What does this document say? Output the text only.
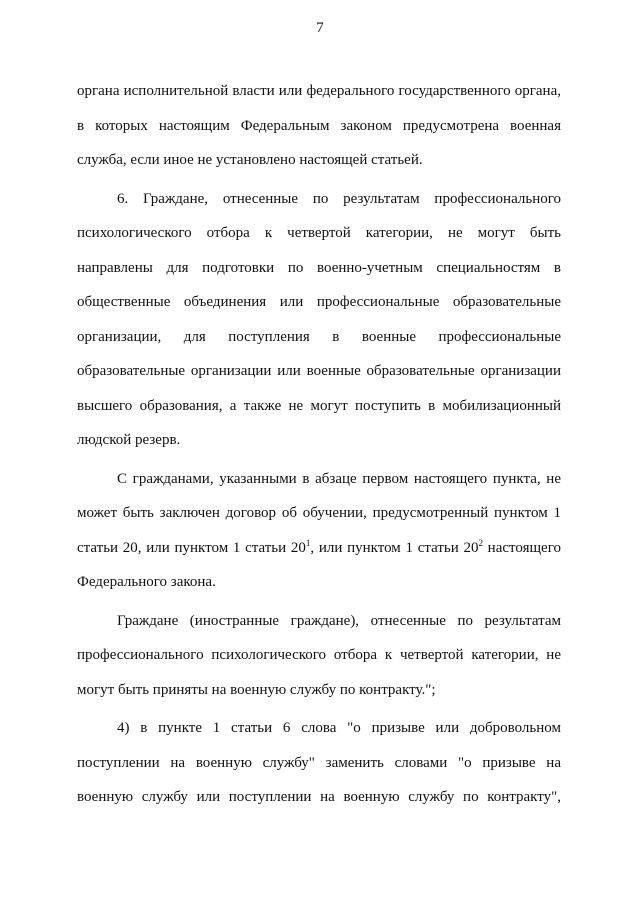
7
органа исполнительной власти или федерального государственного органа,
в которых настоящим Федеральным законом предусмотрена военная
служба, если иное не установлено настоящей статьей.
6. Граждане, отнесенные по результатам профессионального
психологического отбора к четвертой категории, не могут быть
направлены для подготовки по военно-учетным специальностям в
общественные объединения или профессиональные образовательные
организации, для поступления в военные профессиональные
образовательные организации или военные образовательные организации
высшего образования, а также не могут поступить в мобилизационный
людской резерв.
С гражданами, указанными в абзаце первом настоящего пункта, не
может быть заключен договор об обучении, предусмотренный пунктом 1
статьи 20, или пунктом 1 статьи $20^1$, или пунктом 1 статьи $20^2$ настоящего
Федерального закона.
Граждане (иностранные граждане), отнесенные по результатам
профессионального психологического отбора к четвертой категории, не
могут быть приняты на военную службу по контракту.";
4) в пункте 1 статьи 6 слова "о призыве или добровольном
поступлении на военную службу" заменить словами "о призыве на
военную службу или поступлении на военную службу по контракту",
